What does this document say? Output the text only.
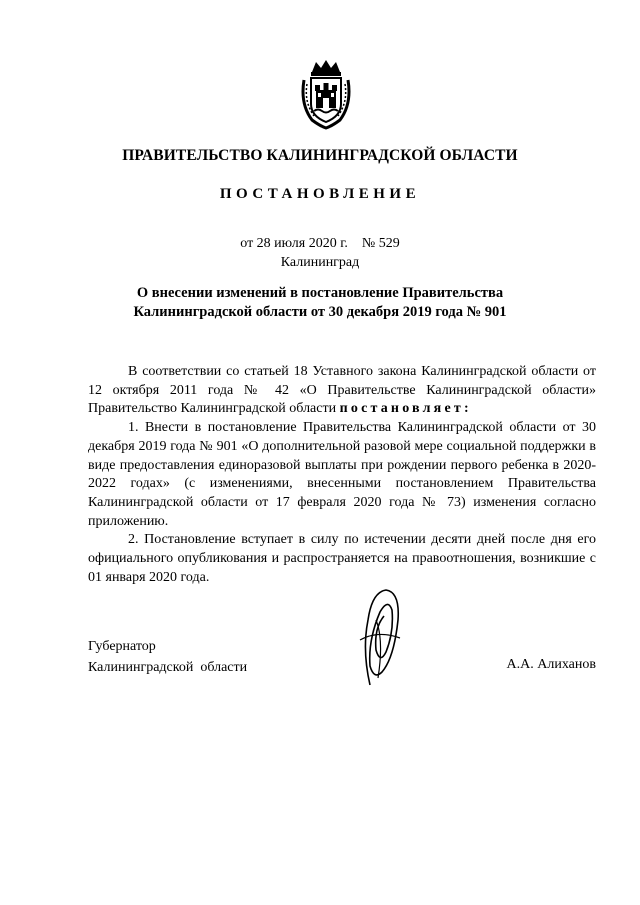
ПРАВИТЕЛЬСТВО КАЛИНИНГРАДСКОЙ ОБЛАСТИ
ПОСТАНОВЛЕНИЕ
от 28 июля 2020 г. № 529
Калининград
О внесении изменений в постановление Правительства
Калининградской области от 30 декабря 2019 года № 901

В соответствии со статьей 18 Уставного закона Калининградской области от 12 октября 2011 года № 42 «О Правительстве Калининградской области» Правительство Калининградской области постановляет:

1. Внести в постановление Правительства Калининградской области от 30 декабря 2019 года № 901 «О дополнительной разовой мере социальной поддержки в виде предоставления единоразовой выплаты при рождении первого ребенка в 2020-2022 годах» (с изменениями, внесенными постановлением Правительства Калининградской области от 17 февраля 2020 года № 73) изменения согласно приложению.

2. Постановление вступает в силу по истечении десяти дней после дня его официального опубликования и распространяется на правоотношения, возникшие с 01 января 2020 года.

Губернатор
Калининградской  области	А.А. Алиханов
